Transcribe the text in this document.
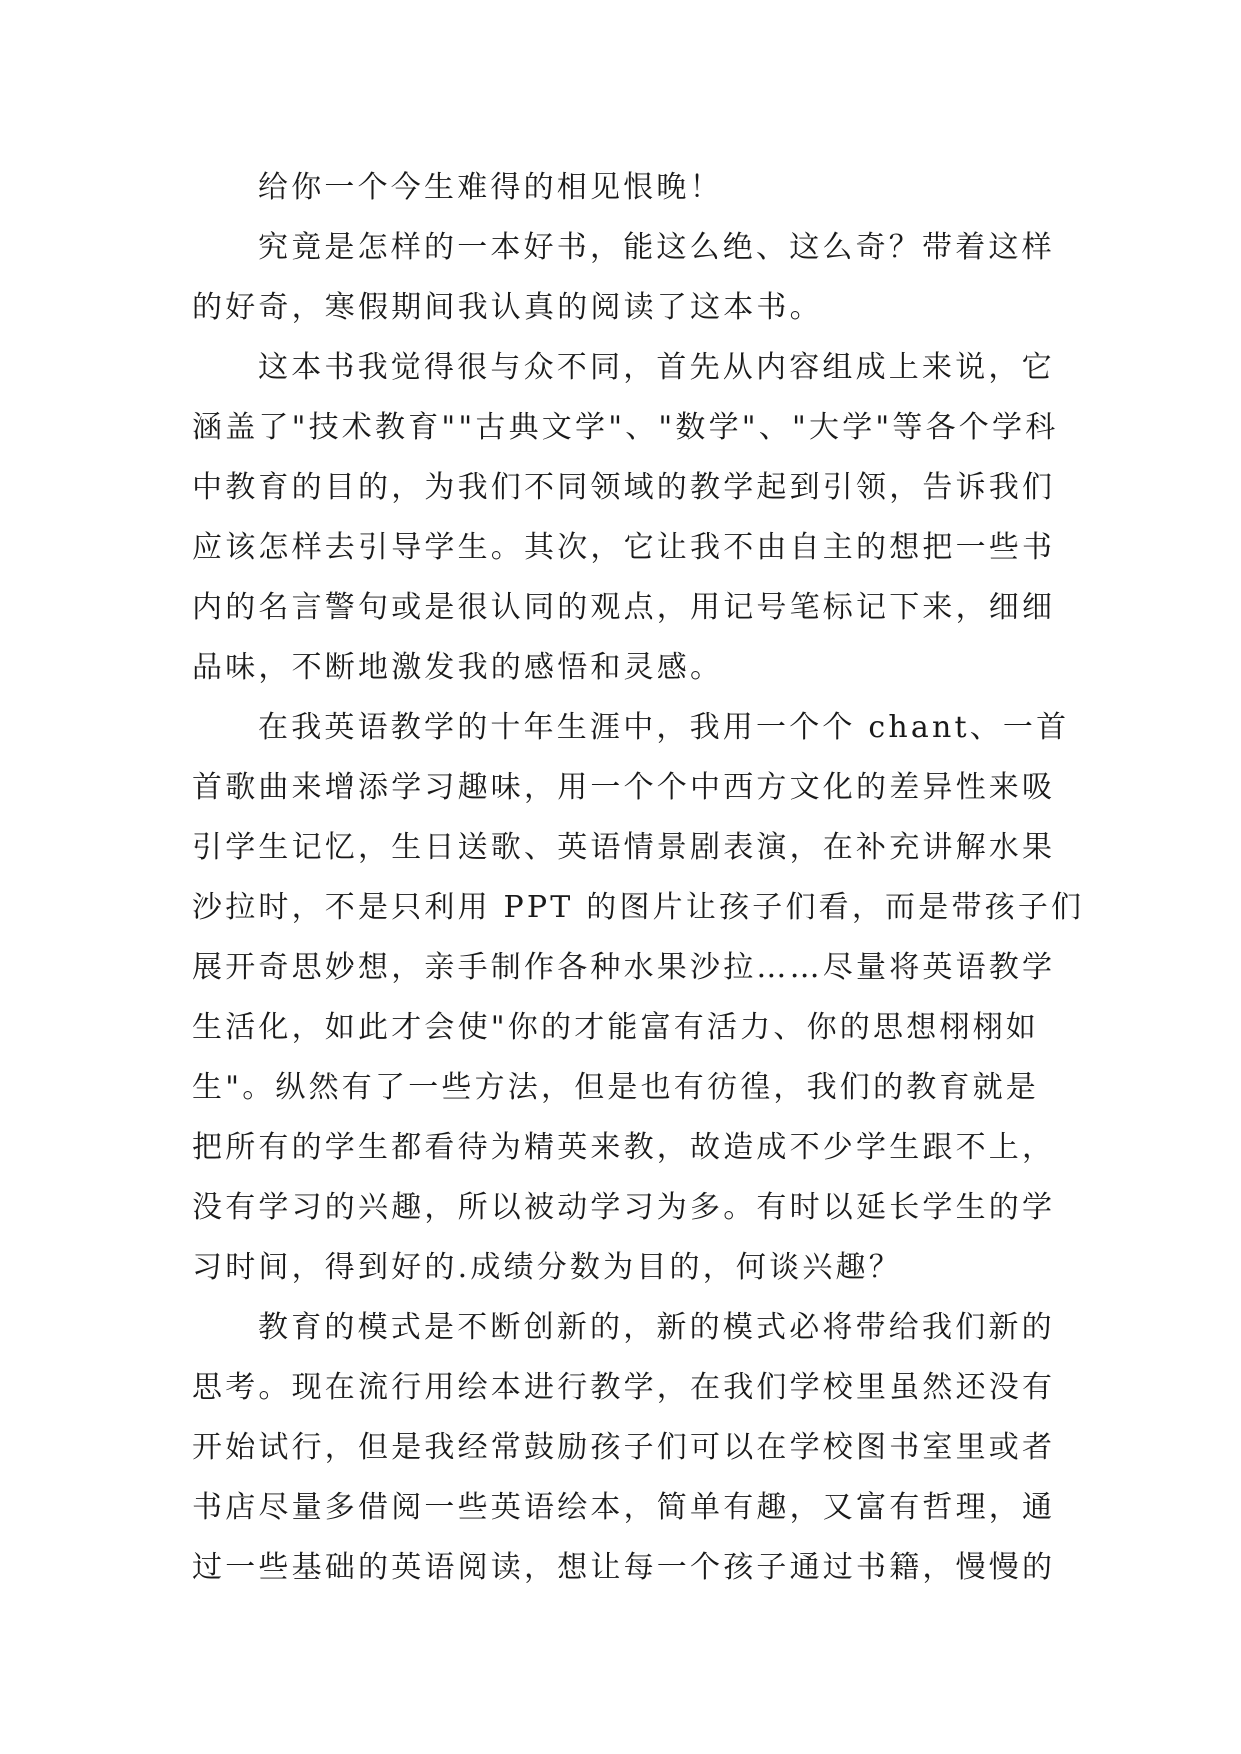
给你一个今生难得的相见恨晚！
究竟是怎样的一本好书，能这么绝、这么奇？带着这样
的好奇，寒假期间我认真的阅读了这本书。
这本书我觉得很与众不同，首先从内容组成上来说，它
涵盖了"技术教育""古典文学"、"数学"、"大学"等各个学科
中教育的目的，为我们不同领域的教学起到引领，告诉我们
应该怎样去引导学生。其次，它让我不由自主的想把一些书
内的名言警句或是很认同的观点，用记号笔标记下来，细细
品味，不断地激发我的感悟和灵感。
在我英语教学的十年生涯中，我用一个个 chant、一首
首歌曲来增添学习趣味，用一个个中西方文化的差异性来吸
引学生记忆，生日送歌、英语情景剧表演，在补充讲解水果
沙拉时，不是只利用 PPT 的图片让孩子们看，而是带孩子们
展开奇思妙想，亲手制作各种水果沙拉……尽量将英语教学
生活化，如此才会使"你的才能富有活力、你的思想栩栩如
生"。纵然有了一些方法，但是也有彷徨，我们的教育就是
把所有的学生都看待为精英来教，故造成不少学生跟不上，
没有学习的兴趣，所以被动学习为多。有时以延长学生的学
习时间，得到好的.成绩分数为目的，何谈兴趣？
教育的模式是不断创新的，新的模式必将带给我们新的
思考。现在流行用绘本进行教学，在我们学校里虽然还没有
开始试行，但是我经常鼓励孩子们可以在学校图书室里或者
书店尽量多借阅一些英语绘本，简单有趣，又富有哲理，通
过一些基础的英语阅读，想让每一个孩子通过书籍，慢慢的
